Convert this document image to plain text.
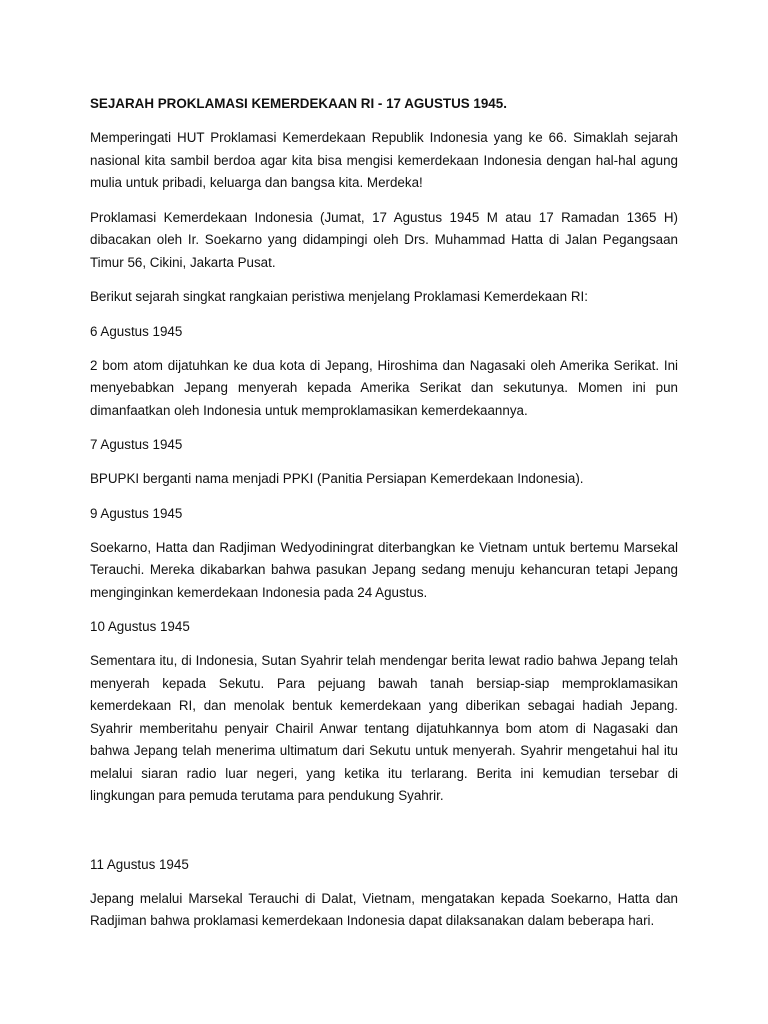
SEJARAH PROKLAMASI KEMERDEKAAN RI - 17 AGUSTUS 1945.

Memperingati HUT Proklamasi Kemerdekaan Republik Indonesia yang ke 66. Simaklah sejarah nasional kita sambil berdoa agar kita bisa mengisi kemerdekaan Indonesia dengan hal-hal agung mulia untuk pribadi, keluarga dan bangsa kita. Merdeka!

Proklamasi Kemerdekaan Indonesia (Jumat, 17 Agustus 1945 M atau 17 Ramadan 1365 H) dibacakan oleh Ir. Soekarno yang didampingi oleh Drs. Muhammad Hatta di Jalan Pegangsaan Timur 56, Cikini, Jakarta Pusat.

Berikut sejarah singkat rangkaian peristiwa menjelang Proklamasi Kemerdekaan RI:

6 Agustus 1945

2 bom atom dijatuhkan ke dua kota di Jepang, Hiroshima dan Nagasaki oleh Amerika Serikat. Ini menyebabkan Jepang menyerah kepada Amerika Serikat dan sekutunya. Momen ini pun dimanfaatkan oleh Indonesia untuk memproklamasikan kemerdekaannya.

7 Agustus 1945

BPUPKI berganti nama menjadi PPKI (Panitia Persiapan Kemerdekaan Indonesia).

9 Agustus 1945

Soekarno, Hatta dan Radjiman Wedyodiningrat diterbangkan ke Vietnam untuk bertemu Marsekal Terauchi. Mereka dikabarkan bahwa pasukan Jepang sedang menuju kehancuran tetapi Jepang menginginkan kemerdekaan Indonesia pada 24 Agustus.

10 Agustus 1945

Sementara itu, di Indonesia, Sutan Syahrir telah mendengar berita lewat radio bahwa Jepang telah menyerah kepada Sekutu. Para pejuang bawah tanah bersiap-siap memproklamasikan kemerdekaan RI, dan menolak bentuk kemerdekaan yang diberikan sebagai hadiah Jepang. Syahrir memberitahu penyair Chairil Anwar tentang dijatuhkannya bom atom di Nagasaki dan bahwa Jepang telah menerima ultimatum dari Sekutu untuk menyerah. Syahrir mengetahui hal itu melalui siaran radio luar negeri, yang ketika itu terlarang. Berita ini kemudian tersebar di lingkungan para pemuda terutama para pendukung Syahrir.

11 Agustus 1945

Jepang melalui Marsekal Terauchi di Dalat, Vietnam, mengatakan kepada Soekarno, Hatta dan Radjiman bahwa proklamasi kemerdekaan Indonesia dapat dilaksanakan dalam beberapa hari.
